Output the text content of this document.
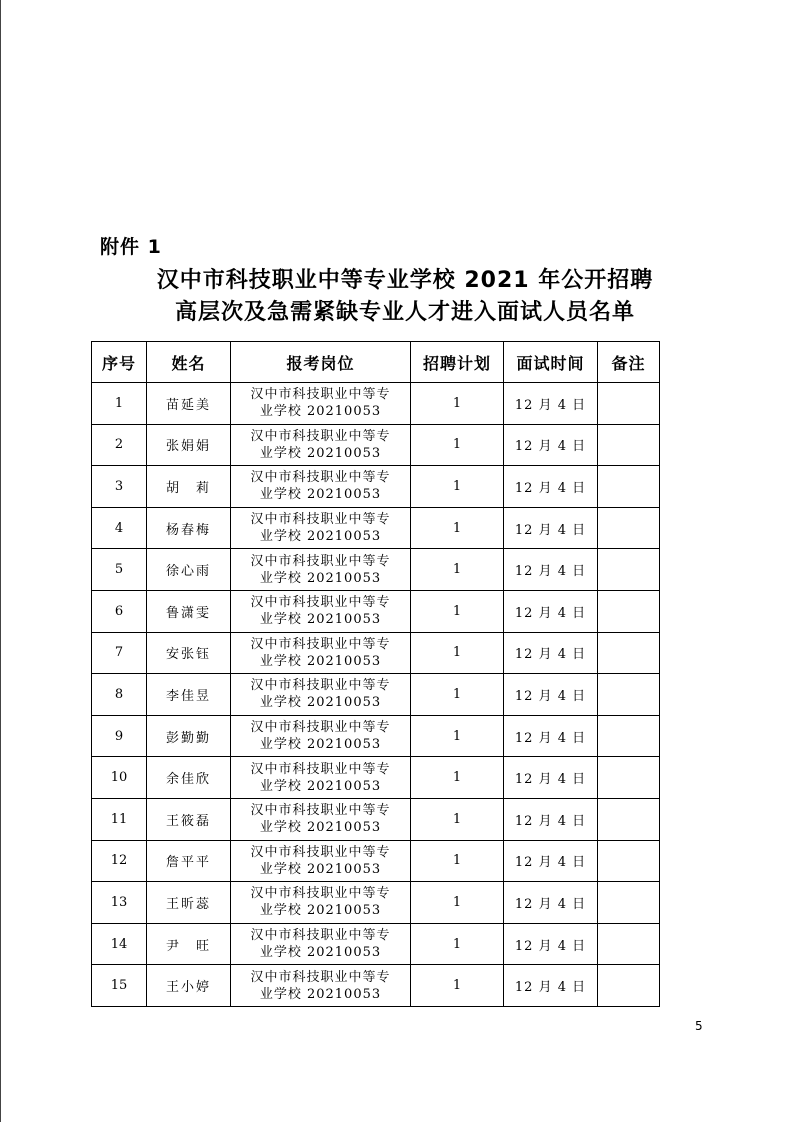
附件 1
汉中市科技职业中等专业学校 2021 年公开招聘
高层次及急需紧缺专业人才进入面试人员名单
序号	姓名	报考岗位	招聘计划	面试时间	备注
1	苗延美	汉中市科技职业中等专
业学校 20210053	1	12 月 4 日	
2	张娟娟	汉中市科技职业中等专
业学校 20210053	1	12 月 4 日	
3	胡　莉	汉中市科技职业中等专
业学校 20210053	1	12 月 4 日	
4	杨春梅	汉中市科技职业中等专
业学校 20210053	1	12 月 4 日	
5	徐心雨	汉中市科技职业中等专
业学校 20210053	1	12 月 4 日	
6	鲁潇雯	汉中市科技职业中等专
业学校 20210053	1	12 月 4 日	
7	安张钰	汉中市科技职业中等专
业学校 20210053	1	12 月 4 日	
8	李佳昱	汉中市科技职业中等专
业学校 20210053	1	12 月 4 日	
9	彭勤勤	汉中市科技职业中等专
业学校 20210053	1	12 月 4 日	
10	余佳欣	汉中市科技职业中等专
业学校 20210053	1	12 月 4 日	
11	王筱磊	汉中市科技职业中等专
业学校 20210053	1	12 月 4 日	
12	詹平平	汉中市科技职业中等专
业学校 20210053	1	12 月 4 日	
13	王昕蕊	汉中市科技职业中等专
业学校 20210053	1	12 月 4 日	
14	尹　旺	汉中市科技职业中等专
业学校 20210053	1	12 月 4 日	
15	王小婷	汉中市科技职业中等专
业学校 20210053	1	12 月 4 日	
5
